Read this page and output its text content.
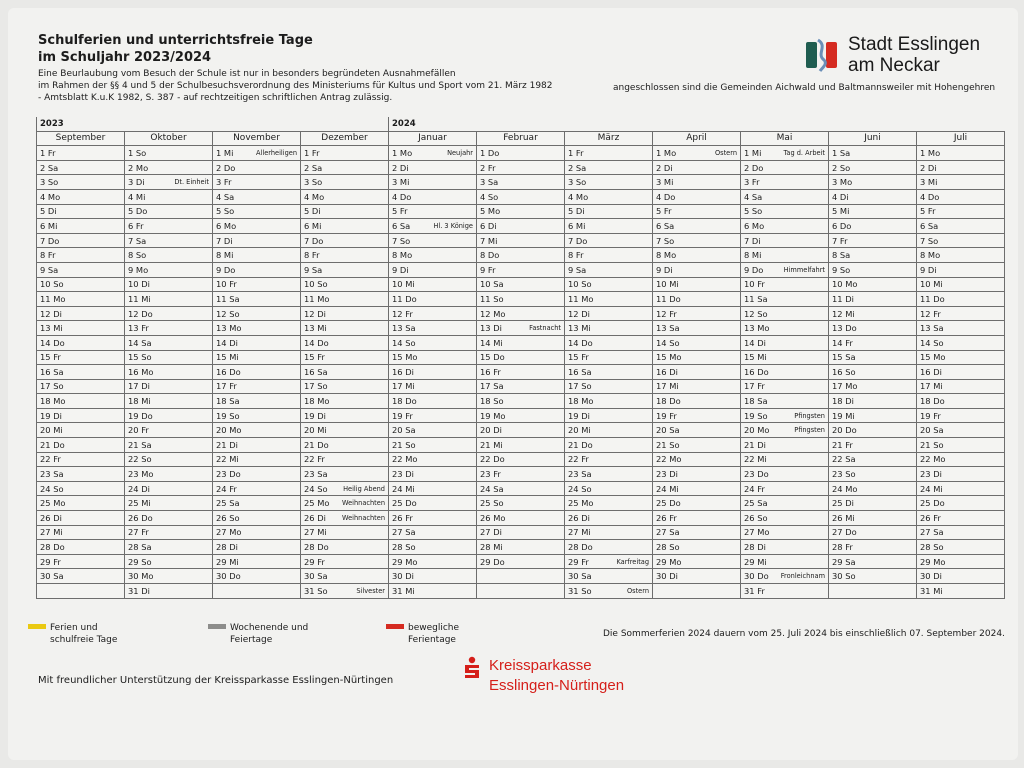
Schulferien und unterrichtsfreie Tage
im Schuljahr 2023/2024
Eine Beurlaubung vom Besuch der Schule ist nur in besonders begründeten Ausnahmefällen
im Rahmen der §§ 4 und 5 der Schulbesuchsverordnung des Ministeriums für Kultus und Sport vom 21. März 1982
- Amtsblatt K.u.K 1982, S. 387 - auf rechtzeitigen schriftlichen Antrag zulässig.
angeschlossen sind die Gemeinden Aichwald und Baltmannsweiler mit Hohengehren
Stadt Esslingen
am Neckar
2023				2024						
September	Oktober	November	Dezember	Januar	Februar	März	April	Mai	Juni	Juli
1 Fr	1 So	1 Mi Allerheiligen	1 Fr	1 Mo Neujahr	1 Do	1 Fr	1 Mo Ostern	1 Mi Tag d. Arbeit	1 Sa	1 Mo
2 Sa	2 Mo	2 Do	2 Sa	2 Di	2 Fr	2 Sa	2 Di	2 Do	2 So	2 Di
3 So	3 Di Dt. Einheit	3 Fr	3 So	3 Mi	3 Sa	3 So	3 Mi	3 Fr	3 Mo	3 Mi
4 Mo	4 Mi	4 Sa	4 Mo	4 Do	4 So	4 Mo	4 Do	4 Sa	4 Di	4 Do
5 Di	5 Do	5 So	5 Di	5 Fr	5 Mo	5 Di	5 Fr	5 So	5 Mi	5 Fr
6 Mi	6 Fr	6 Mo	6 Mi	6 Sa Hl. 3 Könige	6 Di	6 Mi	6 Sa	6 Mo	6 Do	6 Sa
7 Do	7 Sa	7 Di	7 Do	7 So	7 Mi	7 Do	7 So	7 Di	7 Fr	7 So
8 Fr	8 So	8 Mi	8 Fr	8 Mo	8 Do	8 Fr	8 Mo	8 Mi	8 Sa	8 Mo
9 Sa	9 Mo	9 Do	9 Sa	9 Di	9 Fr	9 Sa	9 Di	9 Do Himmelfahrt	9 So	9 Di
10 So	10 Di	10 Fr	10 So	10 Mi	10 Sa	10 So	10 Mi	10 Fr	10 Mo	10 Mi
11 Mo	11 Mi	11 Sa	11 Mo	11 Do	11 So	11 Mo	11 Do	11 Sa	11 Di	11 Do
12 Di	12 Do	12 So	12 Di	12 Fr	12 Mo	12 Di	12 Fr	12 So	12 Mi	12 Fr
13 Mi	13 Fr	13 Mo	13 Mi	13 Sa	13 Di Fastnacht	13 Mi	13 Sa	13 Mo	13 Do	13 Sa
14 Do	14 Sa	14 Di	14 Do	14 So	14 Mi	14 Do	14 So	14 Di	14 Fr	14 So
15 Fr	15 So	15 Mi	15 Fr	15 Mo	15 Do	15 Fr	15 Mo	15 Mi	15 Sa	15 Mo
16 Sa	16 Mo	16 Do	16 Sa	16 Di	16 Fr	16 Sa	16 Di	16 Do	16 So	16 Di
17 So	17 Di	17 Fr	17 So	17 Mi	17 Sa	17 So	17 Mi	17 Fr	17 Mo	17 Mi
18 Mo	18 Mi	18 Sa	18 Mo	18 Do	18 So	18 Mo	18 Do	18 Sa	18 Di	18 Do
19 Di	19 Do	19 So	19 Di	19 Fr	19 Mo	19 Di	19 Fr	19 So Pfingsten	19 Mi	19 Fr
20 Mi	20 Fr	20 Mo	20 Mi	20 Sa	20 Di	20 Mi	20 Sa	20 Mo Pfingsten	20 Do	20 Sa
21 Do	21 Sa	21 Di	21 Do	21 So	21 Mi	21 Do	21 So	21 Di	21 Fr	21 So
22 Fr	22 So	22 Mi	22 Fr	22 Mo	22 Do	22 Fr	22 Mo	22 Mi	22 Sa	22 Mo
23 Sa	23 Mo	23 Do	23 Sa	23 Di	23 Fr	23 Sa	23 Di	23 Do	23 So	23 Di
24 So	24 Di	24 Fr	24 So Heilig Abend	24 Mi	24 Sa	24 So	24 Mi	24 Fr	24 Mo	24 Mi
25 Mo	25 Mi	25 Sa	25 Mo Weihnachten	25 Do	25 So	25 Mo	25 Do	25 Sa	25 Di	25 Do
26 Di	26 Do	26 So	26 Di Weihnachten	26 Fr	26 Mo	26 Di	26 Fr	26 So	26 Mi	26 Fr
27 Mi	27 Fr	27 Mo	27 Mi	27 Sa	27 Di	27 Mi	27 Sa	27 Mo	27 Do	27 Sa
28 Do	28 Sa	28 Di	28 Do	28 So	28 Mi	28 Do	28 So	28 Di	28 Fr	28 So
29 Fr	29 So	29 Mi	29 Fr	29 Mo	29 Do	29 Fr Karfreitag	29 Mo	29 Mi	29 Sa	29 Mo
30 Sa	30 Mo	30 Do	30 Sa	30 Di		30 Sa	30 Di	30 Do Fronleichnam	30 So	30 Di
	31 Di		31 So Silvester	31 Mi		31 So Ostern		31 Fr		31 Mi
Ferien und schulfreie Tage
Wochenende und Feiertage
bewegliche Ferientage
Die Sommerferien 2024 dauern vom 25. Juli 2024 bis einschließlich 07. September 2024.
Mit freundlicher Unterstützung der Kreissparkasse Esslingen-Nürtingen
Kreissparkasse
Esslingen-Nürtingen
